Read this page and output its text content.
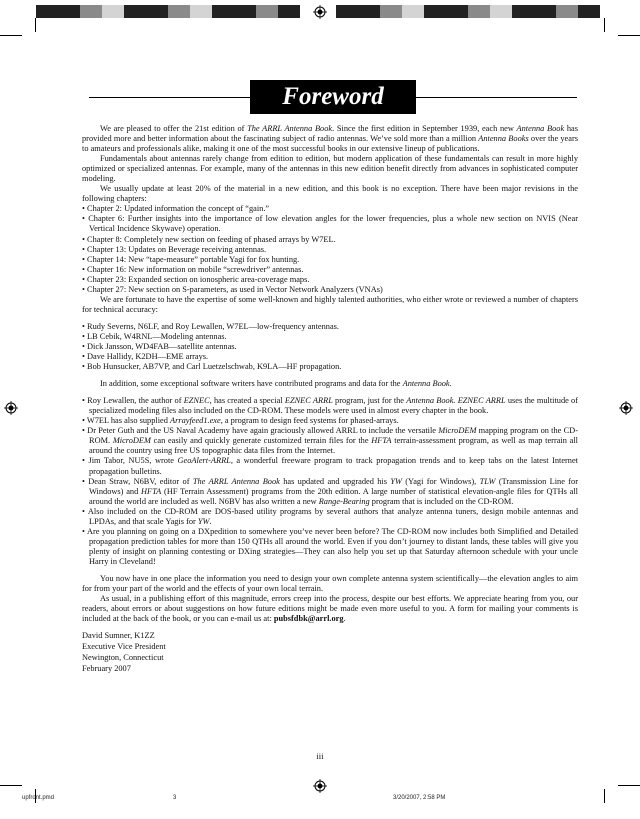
Foreword

We are pleased to offer the 21st edition of The ARRL Antenna Book. Since the first edition in September 1939, each new Antenna Book has provided more and better information about the fascinating subject of radio antennas. We’ve sold more than a million Antenna Books over the years to amateurs and professionals alike, making it one of the most successful books in our extensive lineup of publications.

Fundamentals about antennas rarely change from edition to edition, but modern application of these fundamentals can result in more highly optimized or specialized antennas. For example, many of the antennas in this new edition benefit directly from advances in sophisticated computer modeling.

We usually update at least 20% of the material in a new edition, and this book is no exception. There have been major revisions in the following chapters:

• Chapter 2: Updated information the concept of “gain.”
• Chapter 6: Further insights into the importance of low elevation angles for the lower frequencies, plus a whole new section on NVIS (Near Vertical Incidence Skywave) operation.
• Chapter 8: Completely new section on feeding of phased arrays by W7EL.
• Chapter 13: Updates on Beverage receiving antennas.
• Chapter 14: New “tape-measure” portable Yagi for fox hunting.
• Chapter 16: New information on mobile “screwdriver” antennas.
• Chapter 23: Expanded section on ionospheric area-coverage maps.
• Chapter 27: New section on S-parameters, as used in Vector Network Analyzers (VNAs)

We are fortunate to have the expertise of some well-known and highly talented authorities, who either wrote or reviewed a number of chapters for technical accuracy:

• Rudy Severns, N6LF, and Roy Lewallen, W7EL—low-frequency antennas.
• LB Cebik, W4RNL—Modeling antennas.
• Dick Jansson, WD4FAB—satellite antennas.
• Dave Hallidy, K2DH—EME arrays.
• Bob Hunsucker, AB7VP, and Carl Luetzelschwab, K9LA—HF propagation.

In addition, some exceptional software writers have contributed programs and data for the Antenna Book.

• Roy Lewallen, the author of EZNEC, has created a special EZNEC ARRL program, just for the Antenna Book. EZNEC ARRL uses the multitude of specialized modeling files also included on the CD-ROM. These models were used in almost every chapter in the book.
• W7EL has also supplied Arrayfeed1.exe, a program to design feed systems for phased-arrays.
• Dr Peter Guth and the US Naval Academy have again graciously allowed ARRL to include the versatile MicroDEM mapping program on the CD-ROM. MicroDEM can easily and quickly generate customized terrain files for the HFTA terrain-assessment program, as well as map terrain all around the country using free US topographic data files from the Internet.
• Jim Tabor, NU5S, wrote GeoAlert-ARRL, a wonderful freeware program to track propagation trends and to keep tabs on the latest Internet propagation bulletins.
• Dean Straw, N6BV, editor of The ARRL Antenna Book has updated and upgraded his YW (Yagi for Windows), TLW (Transmission Line for Windows) and HFTA (HF Terrain Assessment) programs from the 20th edition. A large number of statistical elevation-angle files for QTHs all around the world are included as well. N6BV has also written a new Range-Bearing program that is included on the CD-ROM.
• Also included on the CD-ROM are DOS-based utility programs by several authors that analyze antenna tuners, design mobile antennas and LPDAs, and that scale Yagis for YW.
• Are you planning on going on a DXpedition to somewhere you’ve never been before? The CD-ROM now includes both Simplified and Detailed propagation prediction tables for more than 150 QTHs all around the world. Even if you don’t journey to distant lands, these tables will give you plenty of insight on planning contesting or DXing strategies—They can also help you set up that Saturday afternoon schedule with your uncle Harry in Cleveland!

You now have in one place the information you need to design your own complete antenna system scientifically—the elevation angles to aim for from your part of the world and the effects of your own local terrain.

As usual, in a publishing effort of this magnitude, errors creep into the process, despite our best efforts. We appreciate hearing from you, our readers, about errors or about suggestions on how future editions might be made even more useful to you. A form for mailing your comments is included at the back of the book, or you can e-mail us at: pubsfdbk@arrl.org.

David Sumner, K1ZZ
Executive Vice President
Newington, Connecticut
February 2007
iii
upfront.pmd	3	3/20/2007, 2:58 PM
